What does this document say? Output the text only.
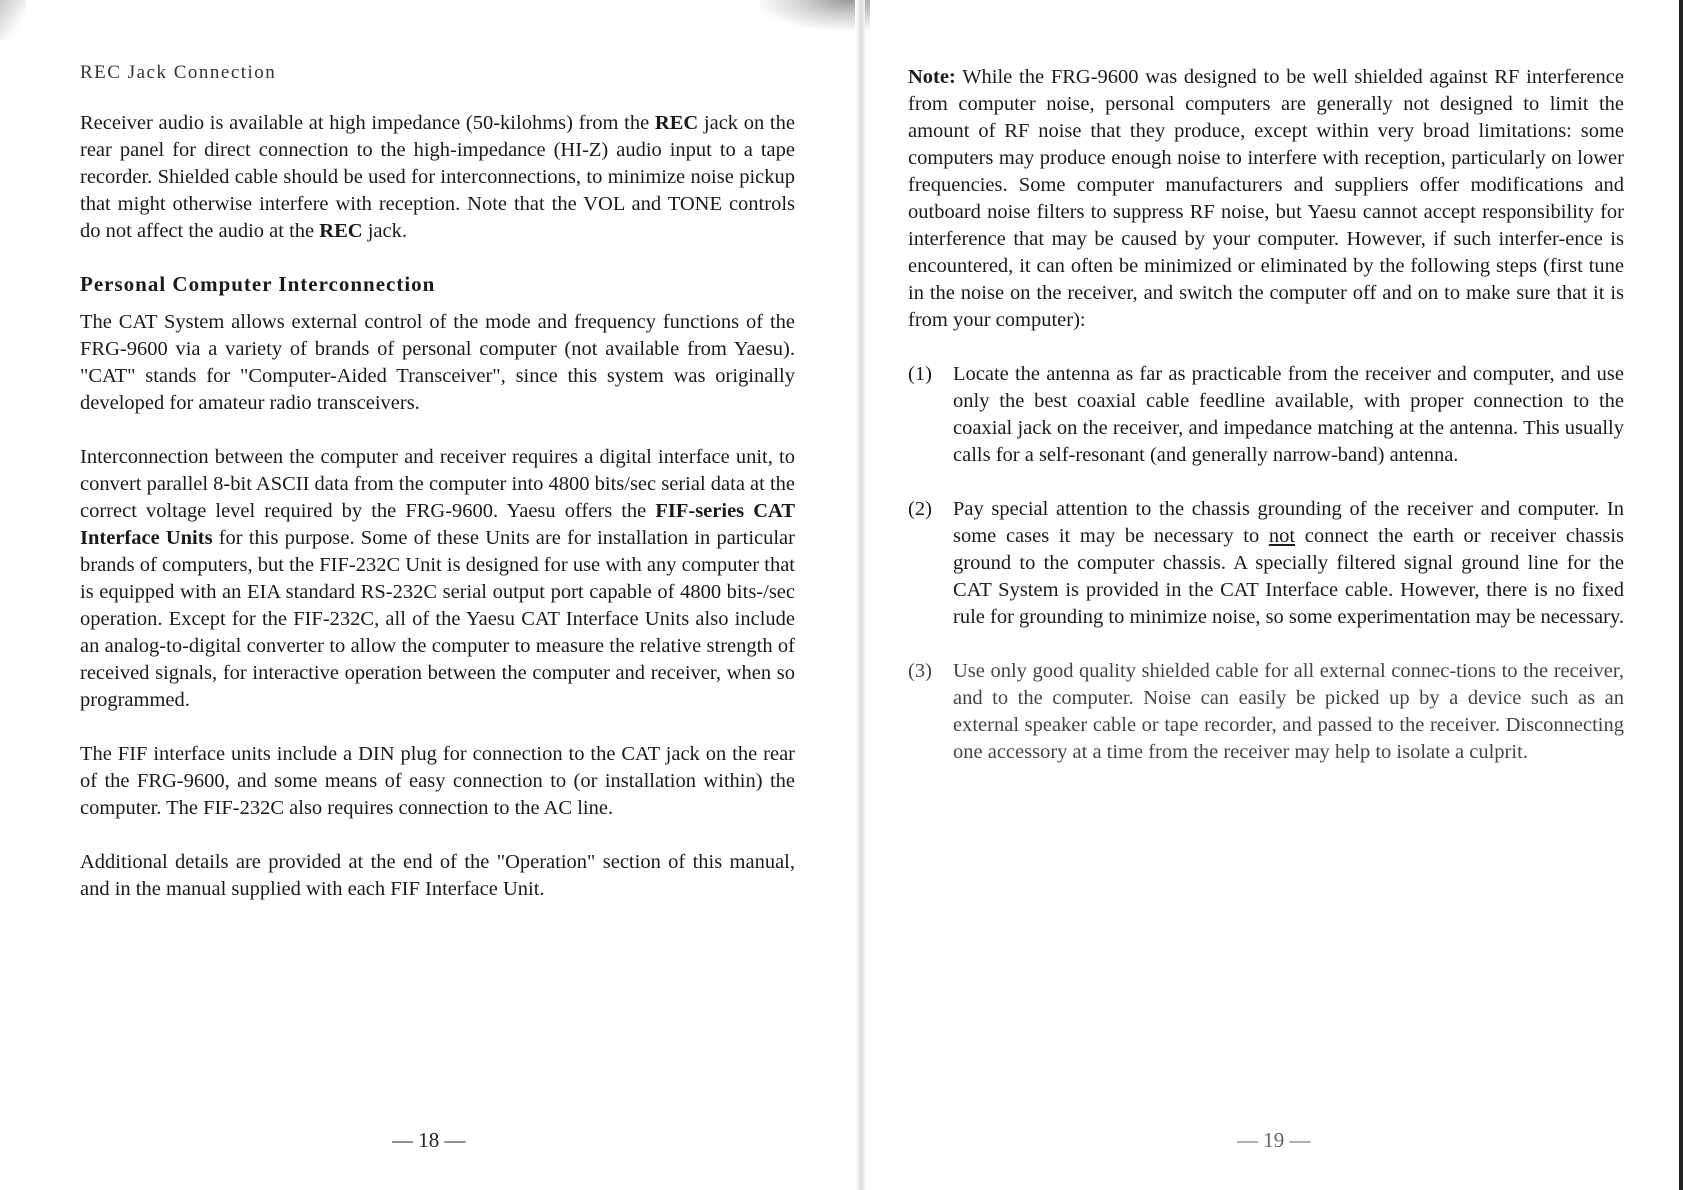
REC Jack Connection

Receiver audio is available at high impedance (50-kilohms) from the REC jack on the rear panel for direct connection to the high-impedance (HI-Z) audio input to a tape recorder. Shielded cable should be used for interconnections, to minimize noise pickup that might otherwise interfere with reception. Note that the VOL and TONE controls do not affect the audio at the REC jack.

Personal Computer Interconnection

The CAT System allows external control of the mode and frequency functions of the FRG-9600 via a variety of brands of personal computer (not available from Yaesu). "CAT" stands for "Computer-Aided Transceiver", since this system was originally developed for amateur radio transceivers.

Interconnection between the computer and receiver requires a digital interface unit, to convert parallel 8-bit ASCII data from the computer into 4800 bits/sec serial data at the correct voltage level required by the FRG-9600. Yaesu offers the FIF-series CAT Interface Units for this purpose. Some of these Units are for installation in particular brands of computers, but the FIF-232C Unit is designed for use with any computer that is equipped with an EIA standard RS-232C serial output port capable of 4800 bits-/sec operation. Except for the FIF-232C, all of the Yaesu CAT Interface Units also include an analog-to-digital converter to allow the computer to measure the relative strength of received signals, for interactive operation between the computer and receiver, when so programmed.

The FIF interface units include a DIN plug for connection to the CAT jack on the rear of the FRG-9600, and some means of easy connection to (or installation within) the computer. The FIF-232C also requires connection to the AC line.

Additional details are provided at the end of the "Operation" section of this manual, and in the manual supplied with each FIF Interface Unit.

— 18 —

Note: While the FRG-9600 was designed to be well shielded against RF interference from computer noise, personal computers are generally not designed to limit the amount of RF noise that they produce, except within very broad limitations: some computers may produce enough noise to interfere with reception, particularly on lower frequencies. Some computer manufacturers and suppliers offer modifications and outboard noise filters to suppress RF noise, but Yaesu cannot accept responsibility for interference that may be caused by your computer. However, if such interfer-ence is encountered, it can often be minimized or eliminated by the following steps (first tune in the noise on the receiver, and switch the computer off and on to make sure that it is from your computer):

(1)	Locate the antenna as far as practicable from the receiver and computer, and use only the best coaxial cable feedline available, with proper connection to the coaxial jack on the receiver, and impedance matching at the antenna. This usually calls for a self-resonant (and generally narrow-band) antenna.
(2)	Pay special attention to the chassis grounding of the receiver and computer. In some cases it may be necessary to not connect the earth or receiver chassis ground to the computer chassis. A specially filtered signal ground line for the CAT System is provided in the CAT Interface cable. However, there is no fixed rule for grounding to minimize noise, so some experimentation may be necessary.
(3)	Use only good quality shielded cable for all external connec-tions to the receiver, and to the computer. Noise can easily be picked up by a device such as an external speaker cable or tape recorder, and passed to the receiver. Disconnecting one accessory at a time from the receiver may help to isolate a culprit.
— 19 —
